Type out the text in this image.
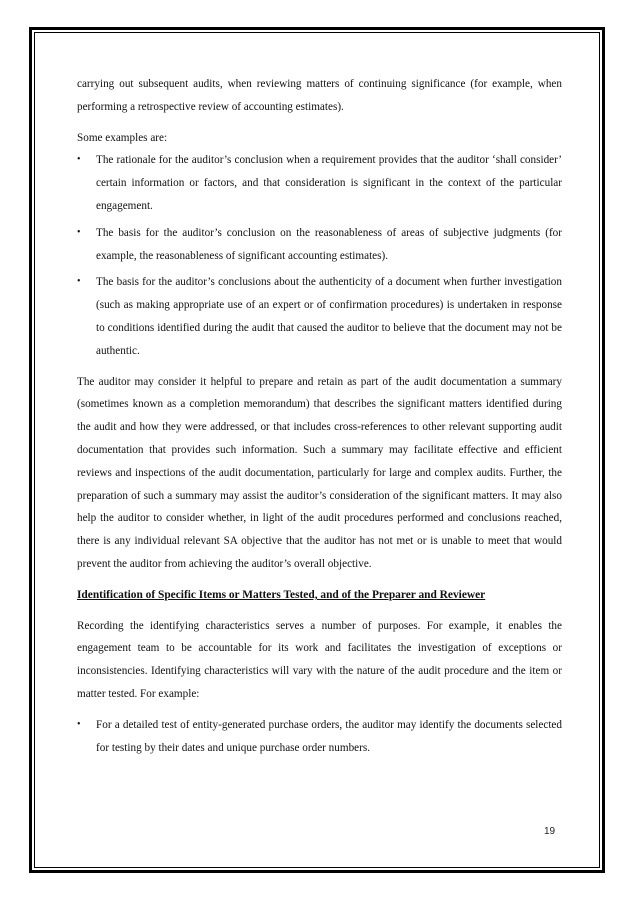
carrying out subsequent audits, when reviewing matters of continuing significance (for example, when performing a retrospective review of accounting estimates).

Some examples are:

• The rationale for the auditor’s conclusion when a requirement provides that the auditor ‘shall consider’ certain information or factors, and that consideration is significant in the context of the particular engagement.
• The basis for the auditor’s conclusion on the reasonableness of areas of subjective judgments (for example, the reasonableness of significant accounting estimates).
• The basis for the auditor’s conclusions about the authenticity of a document when further investigation (such as making appropriate use of an expert or of confirmation procedures) is undertaken in response to conditions identified during the audit that caused the auditor to believe that the document may not be authentic.

The auditor may consider it helpful to prepare and retain as part of the audit documentation a summary (sometimes known as a completion memorandum) that describes the significant matters identified during the audit and how they were addressed, or that includes cross-references to other relevant supporting audit documentation that provides such information. Such a summary may facilitate effective and efficient reviews and inspections of the audit documentation, particularly for large and complex audits. Further, the preparation of such a summary may assist the auditor’s consideration of the significant matters. It may also help the auditor to consider whether, in light of the audit procedures performed and conclusions reached, there is any individual relevant SA objective that the auditor has not met or is unable to meet that would prevent the auditor from achieving the auditor’s overall objective.

Identification of Specific Items or Matters Tested, and of the Preparer and Reviewer

Recording the identifying characteristics serves a number of purposes. For example, it enables the engagement team to be accountable for its work and facilitates the investigation of exceptions or inconsistencies. Identifying characteristics will vary with the nature of the audit procedure and the item or matter tested. For example:

• For a detailed test of entity-generated purchase orders, the auditor may identify the documents selected for testing by their dates and unique purchase order numbers.
19
